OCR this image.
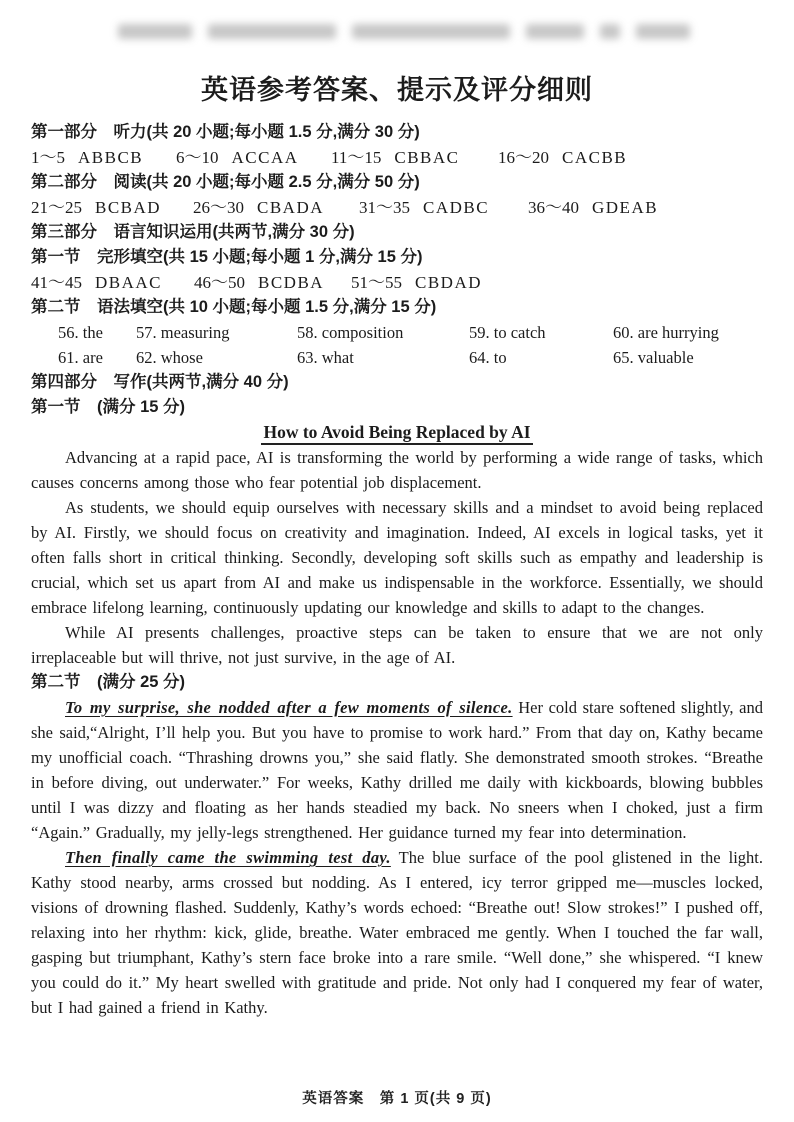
英语参考答案、提示及评分细则
第一部分　听力(共 20 小题;每小题 1.5 分,满分 30 分)
1～5 ABBCB	6～10 ACCAA	11～15 CBBAC	16～20 CACBB
第二部分　阅读(共 20 小题;每小题 2.5 分,满分 50 分)
21～25 BCBAD	26～30 CBADA	31～35 CADBC	36～40 GDEAB
第三部分　语言知识运用(共两节,满分 30 分)
第一节　完形填空(共 15 小题;每小题 1 分,满分 15 分)
41～45 DBAAC	46～50 BCDBA	51～55 CBDAD
第二节　语法填空(共 10 小题;每小题 1.5 分,满分 15 分)
56. the	57. measuring	58. composition	59. to catch	60. are hurrying
61. are	62. whose	63. what	64. to	65. valuable
第四部分　写作(共两节,满分 40 分)
第一节　(满分 15 分)
How to Avoid Being Replaced by AI

Advancing at a rapid pace, AI is transforming the world by performing a wide range of tasks, which causes concerns among those who fear potential job displacement.

As students, we should equip ourselves with necessary skills and a mindset to avoid being replaced by AI. Firstly, we should focus on creativity and imagination. Indeed, AI excels in logical tasks, yet it often falls short in critical thinking. Secondly, developing soft skills such as empathy and leadership is crucial, which set us apart from AI and make us indispensable in the workforce. Essentially, we should embrace lifelong learning, continuously updating our knowledge and skills to adapt to the changes.

While AI presents challenges, proactive steps can be taken to ensure that we are not only irreplaceable but will thrive, not just survive, in the age of AI.

第二节　(满分 25 分)

To my surprise, she nodded after a few moments of silence. Her cold stare softened slightly, and she said,“Alright, I’ll help you. But you have to promise to work hard.” From that day on, Kathy became my unofficial coach. “Thrashing drowns you,” she said flatly. She demonstrated smooth strokes. “Breathe in before diving, out underwater.” For weeks, Kathy drilled me daily with kickboards, blowing bubbles until I was dizzy and floating as her hands steadied my back. No sneers when I choked, just a firm “Again.” Gradually, my jelly-legs strengthened. Her guidance turned my fear into determination.

Then finally came the swimming test day. The blue surface of the pool glistened in the light. Kathy stood nearby, arms crossed but nodding. As I entered, icy terror gripped me—muscles locked, visions of drowning flashed. Suddenly, Kathy’s words echoed: “Breathe out! Slow strokes!” I pushed off, relaxing into her rhythm: kick, glide, breathe. Water embraced me gently. When I touched the far wall, gasping but triumphant, Kathy’s stern face broke into a rare smile. “Well done,” she whispered. “I knew you could do it.” My heart swelled with gratitude and pride. Not only had I conquered my fear of water, but I had gained a friend in Kathy.

英语答案　第 1 页(共 9 页)
